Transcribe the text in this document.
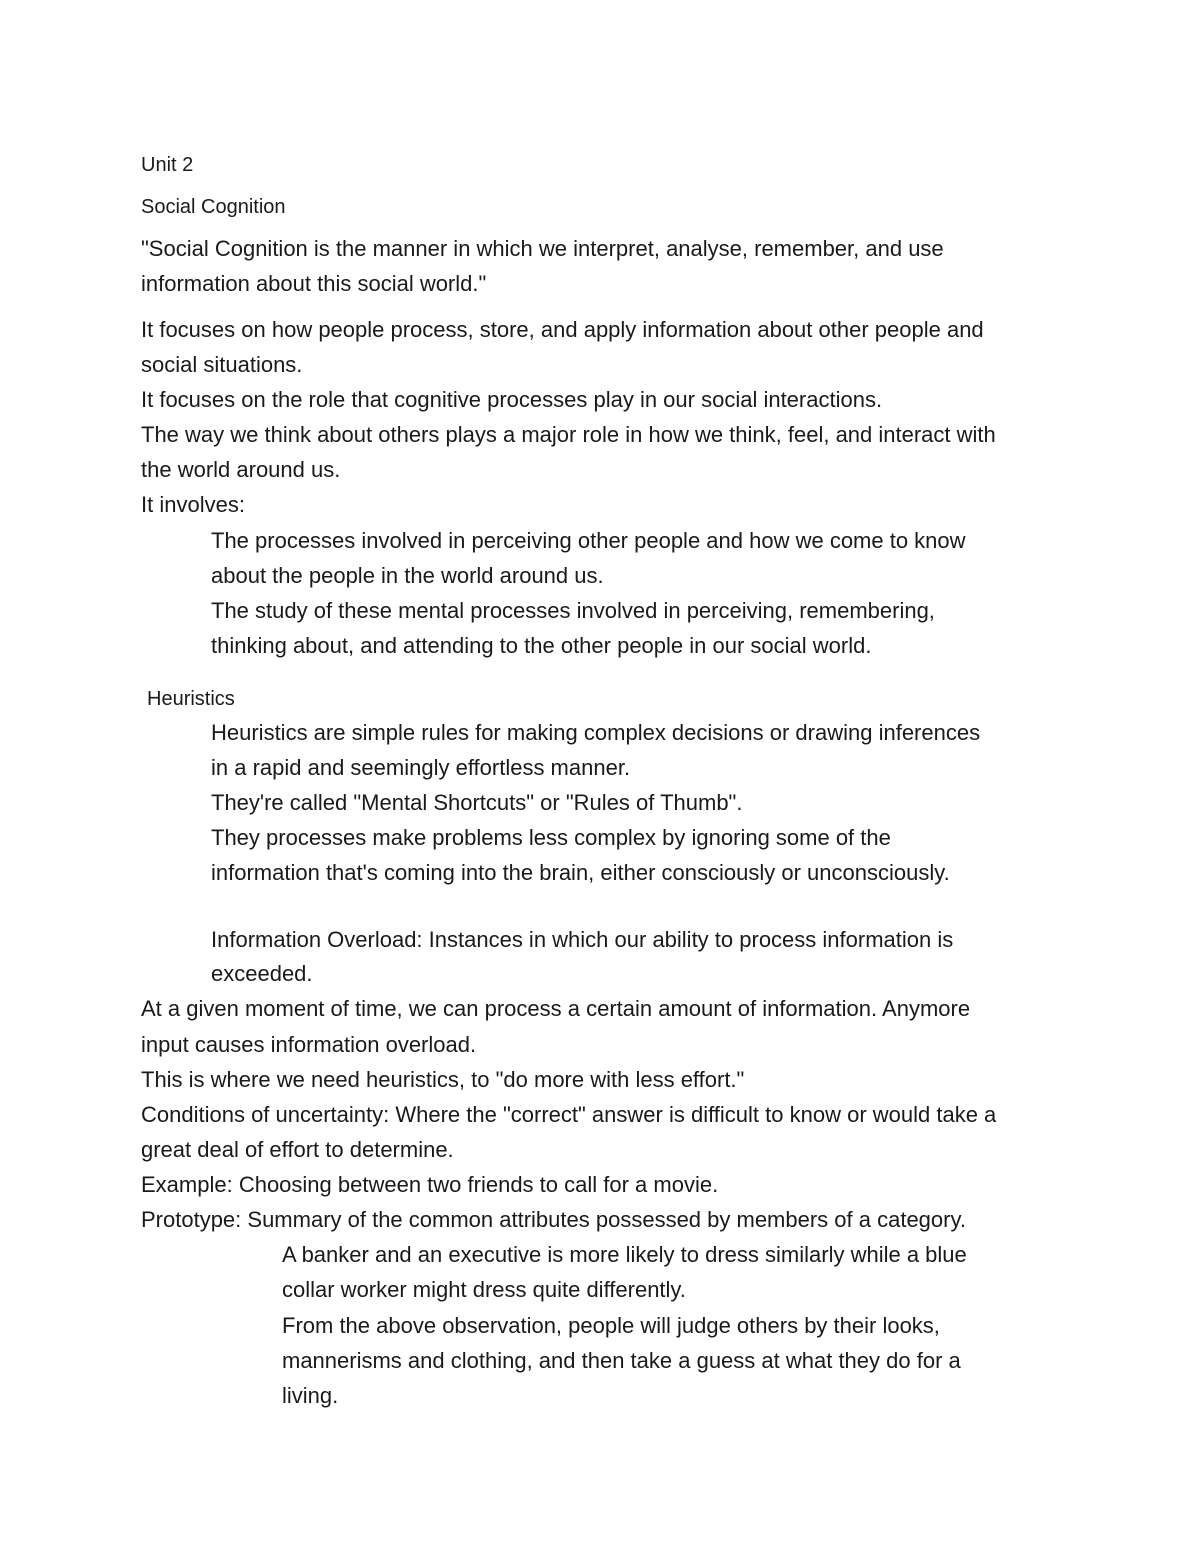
Unit 2
Social Cognition
"Social Cognition is the manner in which we interpret, analyse, remember, and use
information about this social world."
It focuses on how people process, store, and apply information about other people and
social situations.
It focuses on the role that cognitive processes play in our social interactions.
The way we think about others plays a major role in how we think, feel, and interact with
the world around us.
It involves:
The processes involved in perceiving other people and how we come to know
about the people in the world around us.
The study of these mental processes involved in perceiving, remembering,
thinking about, and attending to the other people in our social world.
Heuristics
Heuristics are simple rules for making complex decisions or drawing inferences
in a rapid and seemingly effortless manner.
They're called "Mental Shortcuts" or "Rules of Thumb".
They processes make problems less complex by ignoring some of the
information that's coming into the brain, either consciously or unconsciously.
Information Overload: Instances in which our ability to process information is
exceeded.
At a given moment of time, we can process a certain amount of information. Anymore
input causes information overload.
This is where we need heuristics, to "do more with less effort."
Conditions of uncertainty: Where the "correct" answer is difficult to know or would take a
great deal of effort to determine.
Example: Choosing between two friends to call for a movie.
Prototype: Summary of the common attributes possessed by members of a category.
A banker and an executive is more likely to dress similarly while a blue
collar worker might dress quite differently.
From the above observation, people will judge others by their looks,
mannerisms and clothing, and then take a guess at what they do for a
living.
